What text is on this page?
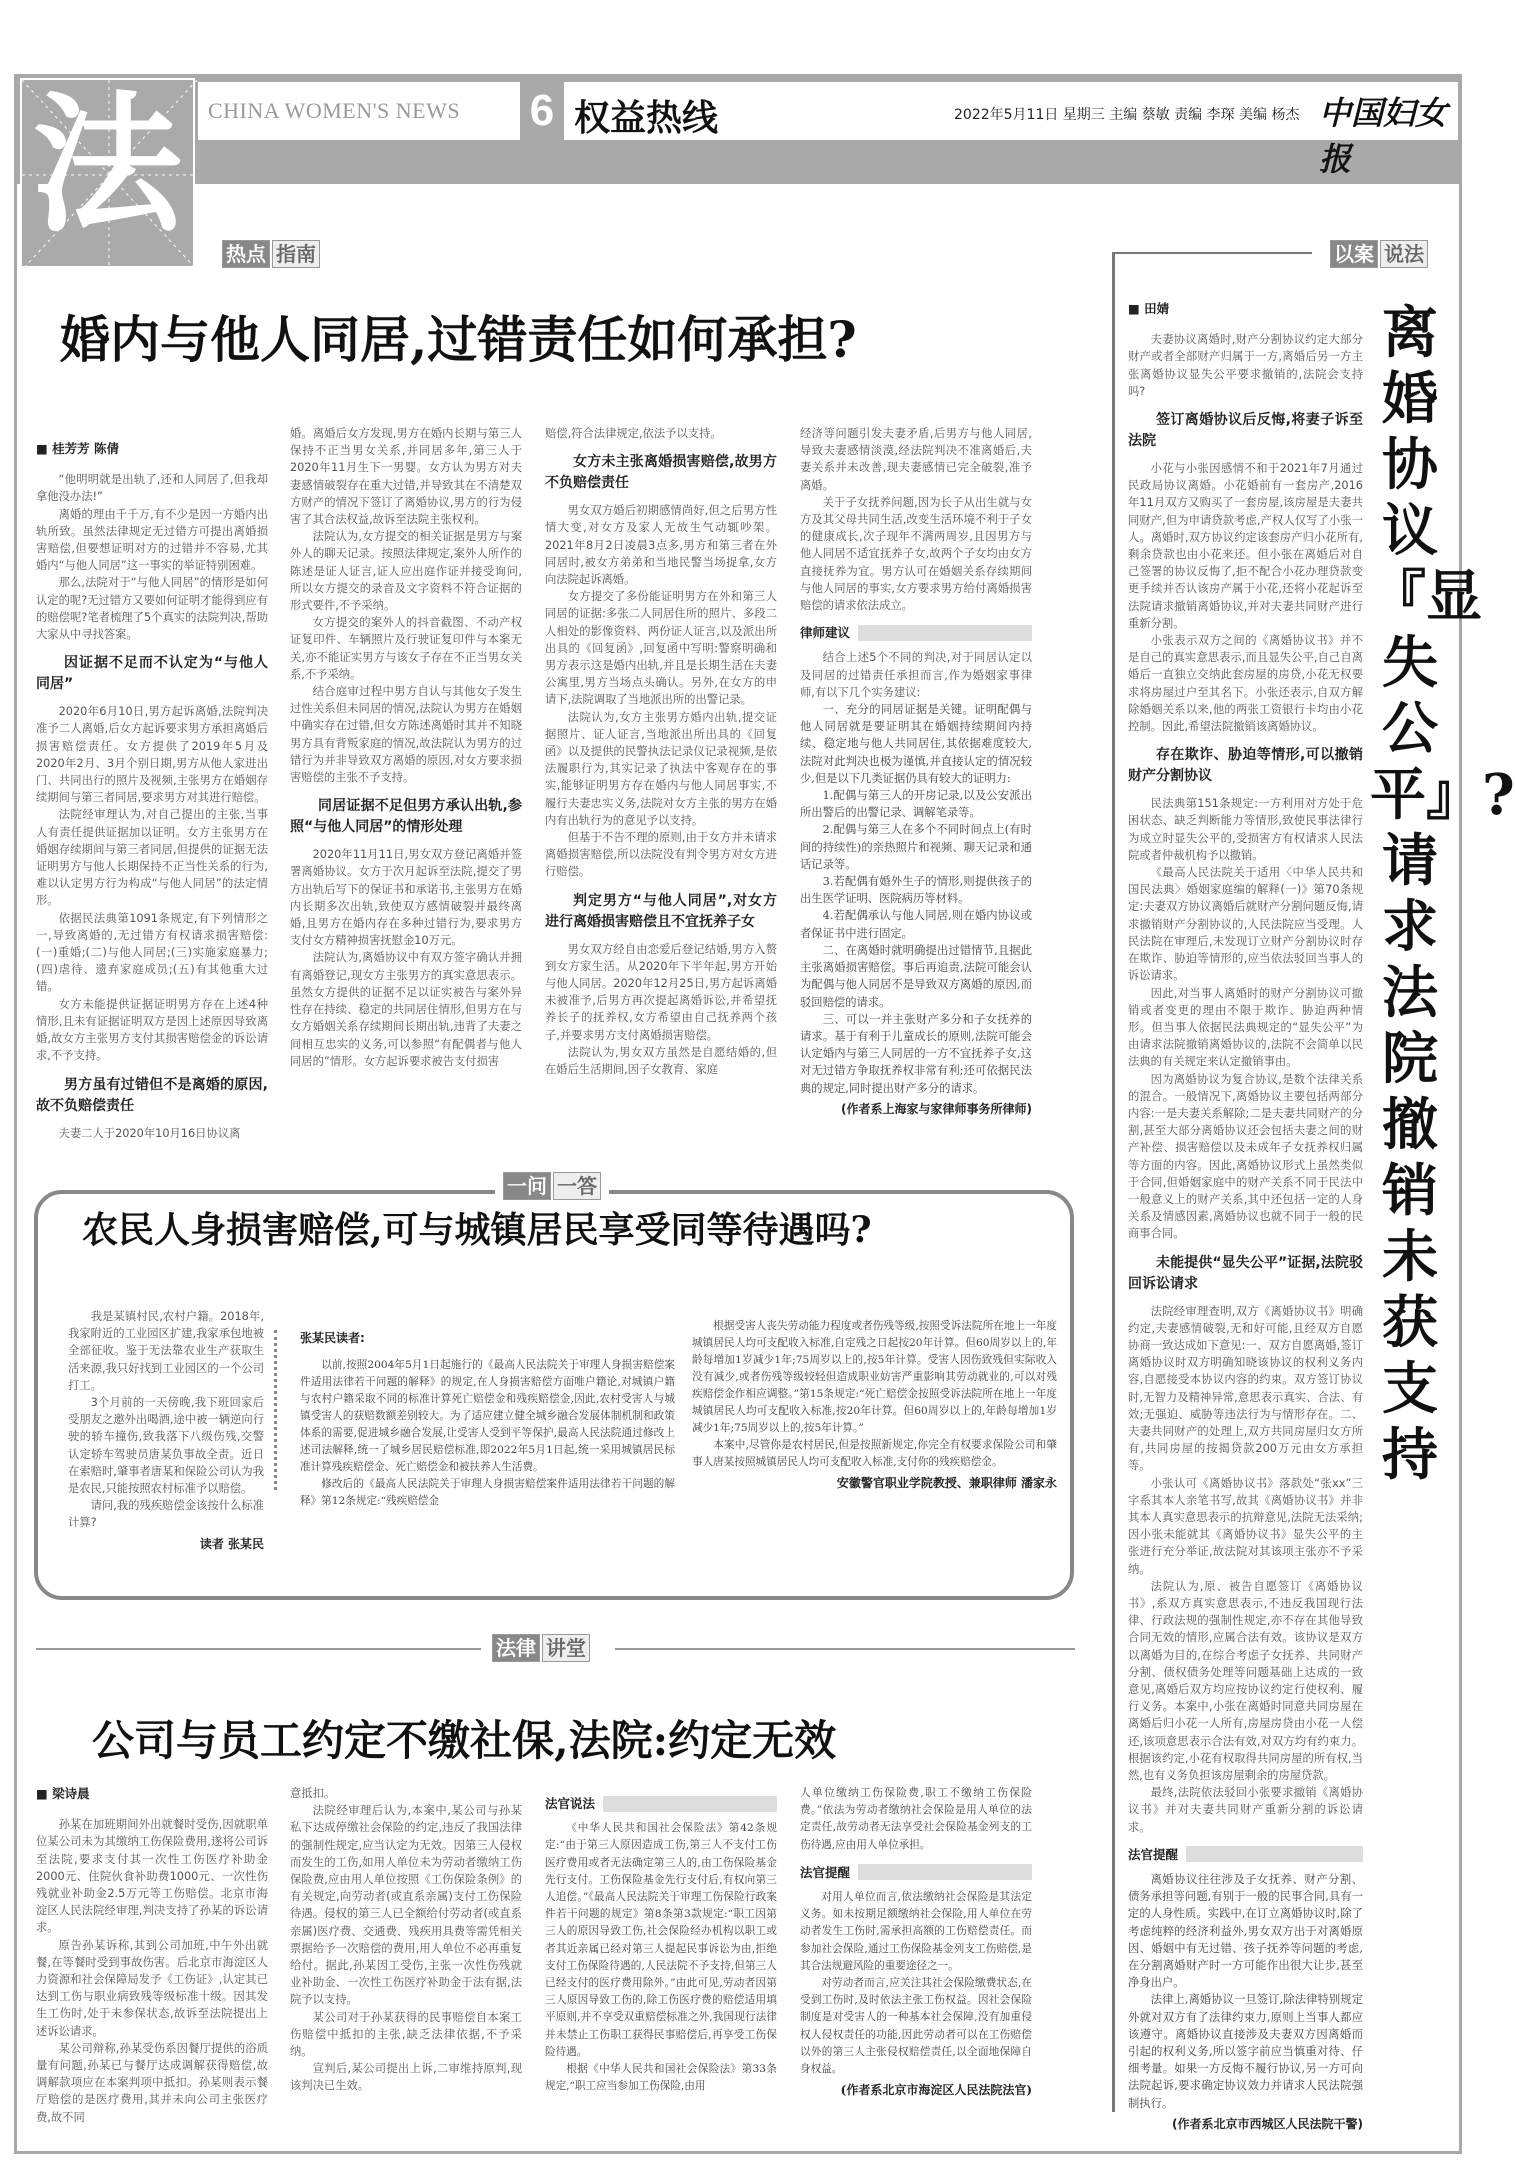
法 CHINA WOMEN'S NEWS 6 权益热线	2022年5月11日 星期三 主编 蔡敏 责编 李琛 美编 杨杰 中国妇女报
热点 指南
婚内与他人同居,过错责任如何承担?

■ 桂芳芳 陈倩

“他明明就是出轨了,还和人同居了,但我却拿他没办法!”

离婚的理由千千万,有不少是因一方婚内出轨所致。虽然法律规定无过错方可提出离婚损害赔偿,但要想证明对方的过错并不容易,尤其婚内“与他人同居”这一事实的举证特别困难。

那么,法院对于“与他人同居”的情形是如何认定的呢?无过错方又要如何证明才能得到应有的赔偿呢?笔者梳理了5个真实的法院判决,帮助大家从中寻找答案。

因证据不足而不认定为“与他人同居”

2020年6月10日,男方起诉离婚,法院判决准予二人离婚,后女方起诉要求男方承担离婚后损害赔偿责任。女方提供了2019年5月及2020年2月、3月个别日期,男方从他人家进出门、共同出行的照片及视频,主张男方在婚姻存续期间与第三者同居,要求男方对其进行赔偿。

法院经审理认为,对自己提出的主张,当事人有责任提供证据加以证明。女方主张男方在婚姻存续期间与第三者同居,但提供的证据无法证明男方与他人长期保持不正当性关系的行为,难以认定男方行为构成“与他人同居”的法定情形。

依据民法典第1091条规定,有下列情形之一,导致离婚的,无过错方有权请求损害赔偿:(一)重婚;(二)与他人同居;(三)实施家庭暴力;(四)虐待、遗弃家庭成员;(五)有其他重大过错。

女方未能提供证据证明男方存在上述4种情形,且未有证据证明双方是因上述原因导致离婚,故女方主张男方支付其损害赔偿金的诉讼请求,不予支持。

男方虽有过错但不是离婚的原因,故不负赔偿责任

夫妻二人于2020年10月16日协议离

婚。离婚后女方发现,男方在婚内长期与第三人保持不正当男女关系,并同居多年,第三人于2020年11月生下一男婴。女方认为男方对夫妻感情破裂存在重大过错,并导致其在不清楚双方财产的情况下签订了离婚协议,男方的行为侵害了其合法权益,故诉至法院主张权利。

法院认为,女方提交的相关证据是男方与案外人的聊天记录。按照法律规定,案外人所作的陈述是证人证言,证人应出庭作证并接受询问,所以女方提交的录音及文字资料不符合证据的形式要件,不予采纳。

女方提交的案外人的抖音截图、不动产权证复印件、车辆照片及行驶证复印件与本案无关,亦不能证实男方与该女子存在不正当男女关系,不予采纳。

结合庭审过程中男方自认与其他女子发生过性关系但未同居的情况,法院认为男方在婚姻中确实存在过错,但女方陈述离婚时其并不知晓男方具有背叛家庭的情况,故法院认为男方的过错行为并非导致双方离婚的原因,对女方要求损害赔偿的主张不予支持。

同居证据不足但男方承认出轨,参照“与他人同居”的情形处理

2020年11月11日,男女双方登记离婚并签署离婚协议。女方于次月起诉至法院,提交了男方出轨后写下的保证书和承诺书,主张男方在婚内长期多次出轨,致使双方感情破裂并最终离婚,且男方在婚内存在多种过错行为,要求男方支付女方精神损害抚慰金10万元。

法院认为,离婚协议中有双方签字确认并拥有离婚登记,现女方主张男方的真实意思表示。虽然女方提供的证据不足以证实被告与案外异性存在持续、稳定的共同居住情形,但男方在与女方婚姻关系存续期间长期出轨,违背了夫妻之间相互忠实的义务,可以参照“有配偶者与他人同居的”情形。女方起诉要求被告支付损害

赔偿,符合法律规定,依法予以支持。

女方未主张离婚损害赔偿,故男方不负赔偿责任

男女双方婚后初期感情尚好,但之后男方性情大变,对女方及家人无故生气动辄吵架。2021年8月2日凌晨3点多,男方和第三者在外同居时,被女方弟弟和当地民警当场捉拿,女方向法院起诉离婚。

女方提交了多份能证明男方在外和第三人同居的证据:多张二人同居住所的照片、多段二人相处的影像资料、两份证人证言,以及派出所出具的《回复函》,回复函中写明:警察明确和男方表示这是婚内出轨,并且是长期生活在夫妻公寓里,男方当场点头确认。另外,在女方的申请下,法院调取了当地派出所的出警记录。

法院认为,女方主张男方婚内出轨,提交证据照片、证人证言,当地派出所出具的《回复函》以及提供的民警执法记录仪记录视频,是依法履职行为,其实记录了执法中客观存在的事实,能够证明男方存在婚内与他人同居事实,不履行夫妻忠实义务,法院对女方主张的男方在婚内有出轨行为的意见予以支持。

但基于不告不理的原则,由于女方并未请求离婚损害赔偿,所以法院没有判令男方对女方进行赔偿。

判定男方“与他人同居”,对女方进行离婚损害赔偿且不宜抚养子女

男女双方经自由恋爱后登记结婚,男方入赘到女方家生活。从2020年下半年起,男方开始与他人同居。2020年12月25日,男方起诉离婚未被准予,后男方再次提起离婚诉讼,并希望抚养长子的抚养权,女方希望由自己抚养两个孩子,并要求男方支付离婚损害赔偿。

法院认为,男女双方虽然是自愿结婚的,但在婚后生活期间,因子女教育、家庭

经济等问题引发夫妻矛盾,后男方与他人同居,导致夫妻感情淡漠,经法院判决不准离婚后,夫妻关系并未改善,现夫妻感情已完全破裂,准予离婚。

关于子女抚养问题,因为长子从出生就与女方及其父母共同生活,改变生活环境不利于子女的健康成长,次子现年不满两周岁,且因男方与他人同居不适宜抚养子女,故两个子女均由女方直接抚养为宜。男方认可在婚姻关系存续期间与他人同居的事实,女方要求男方给付离婚损害赔偿的请求依法成立。

律师建议

结合上述5个不同的判决,对于同居认定以及同居的过错责任承担而言,作为婚姻家事律师,有以下几个实务建议:

一、充分的同居证据是关键。证明配偶与他人同居就是要证明其在婚姻持续期间内持续、稳定地与他人共同居住,其依据难度较大,法院对此判决也极为谨慎,并直接认定的情况较少,但是以下几类证据仍具有较大的证明力:

1.配偶与第三人的开房记录,以及公安派出所出警后的出警记录、调解笔录等。

2.配偶与第三人在多个不同时间点上(有时间的持续性)的亲热照片和视频、聊天记录和通话记录等。

3.若配偶有婚外生子的情形,则提供孩子的出生医学证明、医院病历等材料。

4.若配偶承认与他人同居,则在婚内协议或者保证书中进行固定。

二、在离婚时就明确提出过错情节,且据此主张离婚损害赔偿。事后再追责,法院可能会认为配偶与他人同居不是导致双方离婚的原因,而驳回赔偿的请求。

三、可以一并主张财产多分和子女抚养的请求。基于有利于儿童成长的原则,法院可能会认定婚内与第三人同居的一方不宜抚养子女,这对无过错方争取抚养权非常有利;还可依据民法典的规定,同时提出财产多分的请求。

(作者系上海家与家律师事务所律师)

一问 一答
农民人身损害赔偿,可与城镇居民享受同等待遇吗?

我是某镇村民,农村户籍。2018年,我家附近的工业园区扩建,我家承包地被全部征收。鉴于无法靠农业生产获取生活来源,我只好找到工业园区的一个公司打工。

3个月前的一天傍晚,我下班回家后受朋友之邀外出喝酒,途中被一辆逆向行驶的轿车撞伤,致我落下八级伤残,交警认定轿车驾驶员唐某负事故全责。近日在索赔时,肇事者唐某和保险公司认为我是农民,只能按照农村标准予以赔偿。

请问,我的残疾赔偿金该按什么标准计算?

读者 张某民

张某民读者:

以前,按照2004年5月1日起施行的《最高人民法院关于审理人身损害赔偿案件适用法律若干问题的解释》的规定,在人身损害赔偿方面唯户籍论,对城镇户籍与农村户籍采取不同的标准计算死亡赔偿金和残疾赔偿金,因此,农村受害人与城镇受害人的获赔数额差别较大。为了适应建立健全城乡融合发展体制机制和政策体系的需要,促进城乡融合发展,让受害人受到平等保护,最高人民法院通过修改上述司法解释,统一了城乡居民赔偿标准,即2022年5月1日起,统一采用城镇居民标准计算残疾赔偿金、死亡赔偿金和被扶养人生活费。

修改后的《最高人民法院关于审理人身损害赔偿案件适用法律若干问题的解释》第12条规定:“残疾赔偿金

根据受害人丧失劳动能力程度或者伤残等级,按照受诉法院所在地上一年度城镇居民人均可支配收入标准,自定残之日起按20年计算。但60周岁以上的,年龄每增加1岁减少1年;75周岁以上的,按5年计算。受害人因伤致残但实际收入没有减少,或者伤残等级较轻但造成职业妨害严重影响其劳动就业的,可以对残疾赔偿金作相应调整。”第15条规定:“死亡赔偿金按照受诉法院所在地上一年度城镇居民人均可支配收入标准,按20年计算。但60周岁以上的,年龄每增加1岁减少1年;75周岁以上的,按5年计算。”

本案中,尽管你是农村居民,但是按照新规定,你完全有权要求保险公司和肇事人唐某按照城镇居民人均可支配收入标准,支付你的残疾赔偿金。

安徽警官职业学院教授、兼职律师 潘家永

法律 讲堂
公司与员工约定不缴社保,法院:约定无效

■ 梁诗晨

孙某在加班期间外出就餐时受伤,因就职单位某公司未为其缴纳工伤保险费用,遂将公司诉至法院,要求支付其一次性工伤医疗补助金2000元、住院伙食补助费1000元、一次性伤残就业补助金2.5万元等工伤赔偿。北京市海淀区人民法院经审理,判决支持了孙某的诉讼请求。

原告孙某诉称,其到公司加班,中午外出就餐,在等餐时受到事故伤害。后北京市海淀区人力资源和社会保障局发予《工伤证》,认定其已达到工伤与职业病致残等级标准十级。因其发生工伤时,处于未参保状态,故诉至法院提出上述诉讼请求。

某公司辩称,孙某受伤系因餐厅提供的浴质量有问题,孙某已与餐厅达成调解获得赔偿,故调解款项应在本案判项中抵扣。孙某则表示餐厅赔偿的是医疗费用,其并未向公司主张医疗费,故不同

意抵扣。

法院经审理后认为,本案中,某公司与孙某私下达成停缴社会保险的约定,违反了我国法律的强制性规定,应当认定为无效。因第三人侵权而发生的工伤,如用人单位未为劳动者缴纳工伤保险费,应由用人单位按照《工伤保险条例》的有关规定,向劳动者(或直系亲属)支付工伤保险待遇。侵权的第三人已全额给付劳动者(或直系亲属)医疗费、交通费、残疾用具费等需凭相关票据给予一次赔偿的费用,用人单位不必再重复给付。据此,孙某因工受伤,主张一次性伤残就业补助金、一次性工伤医疗补助金于法有据,法院予以支持。

某公司对于孙某获得的民事赔偿自本案工伤赔偿中抵扣的主张,缺乏法律依据,不予采纳。

宣判后,某公司提出上诉,二审维持原判,现该判决已生效。

法官说法

《中华人民共和国社会保险法》第42条规定:“由于第三人原因造成工伤,第三人不支付工伤医疗费用或者无法确定第三人的,由工伤保险基金先行支付。工伤保险基金先行支付后,有权向第三人追偿。”《最高人民法院关于审理工伤保险行政案件若干问题的规定》第8条第3款规定:“职工因第三人的原因导致工伤,社会保险经办机构以职工或者其近亲属已经对第三人提起民事诉讼为由,拒绝支付工伤保险待遇的,人民法院不予支持,但第三人已经支付的医疗费用除外。”由此可见,劳动者因第三人原因导致工伤的,除工伤医疗费的赔偿适用填平原则,并不享受双重赔偿标准之外,我国现行法律并未禁止工伤职工获得民事赔偿后,再享受工伤保险待遇。

根据《中华人民共和国社会保险法》第33条规定,“职工应当参加工伤保险,由用

人单位缴纳工伤保险费,职工不缴纳工伤保险费。”依法为劳动者缴纳社会保险是用人单位的法定责任,故劳动者无法享受社会保险基金列支的工伤待遇,应由用人单位承担。

法官提醒

对用人单位而言,依法缴纳社会保险是其法定义务。如未按期足额缴纳社会保险,用人单位在劳动者发生工伤时,需承担高额的工伤赔偿责任。而参加社会保险,通过工伤保险基金列支工伤赔偿,是其合法规避风险的重要途径之一。

对劳动者而言,应关注其社会保险缴费状态,在受到工伤时,及时依法主张工伤权益。因社会保险制度是对受害人的一种基本社会保障,没有加重侵权人侵权责任的功能,因此劳动者可以在工伤赔偿以外的第三人主张侵权赔偿责任,以全面地保障自身权益。

(作者系北京市海淀区人民法院法官)

以案 说法
离婚协议『显失公平』?请求法院撤销未获支持

■ 田婧

夫妻协议离婚时,财产分割协议约定大部分财产或者全部财产归属于一方,离婚后另一方主张离婚协议显失公平要求撤销的,法院会支持吗?

签订离婚协议后反悔,将妻子诉至法院

小花与小张因感情不和于2021年7月通过民政局协议离婚。小花婚前有一套房产,2016年11月双方又购买了一套房屋,该房屋是夫妻共同财产,但为申请贷款考虑,产权人仅写了小张一人。离婚时,双方协议约定该套房产归小花所有,剩余贷款也由小花来还。但小张在离婚后对自己签署的协议反悔了,拒不配合小花办理贷款变更手续并否认该房产属于小花,还将小花起诉至法院请求撤销离婚协议,并对夫妻共同财产进行重新分割。

小张表示双方之间的《离婚协议书》并不是自己的真实意思表示,而且显失公平,自己自离婚后一直独立交纳此套房屋的房贷,小花无权要求将房屋过户至其名下。小张还表示,自双方解除婚姻关系以来,他的两张工资银行卡均由小花控制。因此,希望法院撤销该离婚协议。

存在欺诈、胁迫等情形,可以撤销财产分割协议

民法典第151条规定:一方利用对方处于危困状态、缺乏判断能力等情形,致使民事法律行为成立时显失公平的,受损害方有权请求人民法院或者仲裁机构予以撤销。

《最高人民法院关于适用〈中华人民共和国民法典〉婚姻家庭编的解释(一)》第70条规定:夫妻双方协议离婚后就财产分割问题反悔,请求撤销财产分割协议的,人民法院应当受理。人民法院在审理后,未发现订立财产分割协议时存在欺诈、胁迫等情形的,应当依法驳回当事人的诉讼请求。

因此,对当事人离婚时的财产分割协议可撤销或者变更的理由不限于欺诈、胁迫两种情形。但当事人依据民法典规定的“显失公平”为由请求法院撤销离婚协议的,法院不会简单以民法典的有关规定来认定撤销事由。

因为离婚协议为复合协议,是数个法律关系的混合。一般情况下,离婚协议主要包括两部分内容:一是夫妻关系解除;二是夫妻共同财产的分割,甚至大部分离婚协议还会包括夫妻之间的财产补偿、损害赔偿以及未成年子女抚养权归属等方面的内容。因此,离婚协议形式上虽然类似于合同,但婚姻家庭中的财产关系不同于民法中一般意义上的财产关系,其中还包括一定的人身关系及情感因素,离婚协议也就不同于一般的民商事合同。

未能提供“显失公平”证据,法院驳回诉讼请求

法院经审理查明,双方《离婚协议书》明确约定,夫妻感情破裂,无和好可能,且经双方自愿协商一致达成如下意见:一、双方自愿离婚,签订离婚协议时双方明确知晓该协议的权利义务内容,自愿接受本协议内容的约束。双方签订协议时,无智力及精神异常,意思表示真实、合法、有效;无强迫、威胁等违法行为与情形存在。二、夫妻共同财产的处理上,双方共同房屋归女方所有,共同房屋的按揭贷款200万元由女方承担等。

小张认可《离婚协议书》落款处“张xx”三字系其本人亲笔书写,故其《离婚协议书》并非其本人真实意思表示的抗辩意见,法院无法采纳;因小张未能就其《离婚协议书》显失公平的主张进行充分举证,故法院对其该项主张亦不予采纳。

法院认为,原、被告自愿签订《离婚协议书》,系双方真实意思表示,不违反我国现行法律、行政法规的强制性规定,亦不存在其他导致合同无效的情形,应属合法有效。该协议是双方以离婚为目的,在综合考虑子女抚养、共同财产分割、债权债务处理等问题基础上达成的一致意见,离婚后双方均应按协议约定行使权利、履行义务。本案中,小张在离婚时同意共同房屋在离婚后归小花一人所有,房屋房贷由小花一人偿还,该项意思表示合法有效,对双方均有约束力。根据该约定,小花有权取得共同房屋的所有权,当然,也有义务负担该房屋剩余的房屋贷款。

最终,法院依法驳回小张要求撤销《离婚协议书》并对夫妻共同财产重新分割的诉讼请求。

法官提醒

离婚协议往往涉及子女抚养、财产分割、债务承担等问题,有别于一般的民事合同,具有一定的人身性质。实践中,在订立离婚协议时,除了考虑纯粹的经济利益外,男女双方出于对离婚原因、婚姻中有无过错、孩子抚养等问题的考虑,在分割离婚财产时一方可能作出很大让步,甚至净身出户。

法律上,离婚协议一旦签订,除法律特别规定外就对双方有了法律约束力,原则上当事人都应该遵守。离婚协议直接涉及夫妻双方因离婚而引起的权利义务,所以签字前应当慎重对待、仔细考量。如果一方反悔不履行协议,另一方可向法院起诉,要求确定协议效力并请求人民法院强制执行。

(作者系北京市西城区人民法院干警)
